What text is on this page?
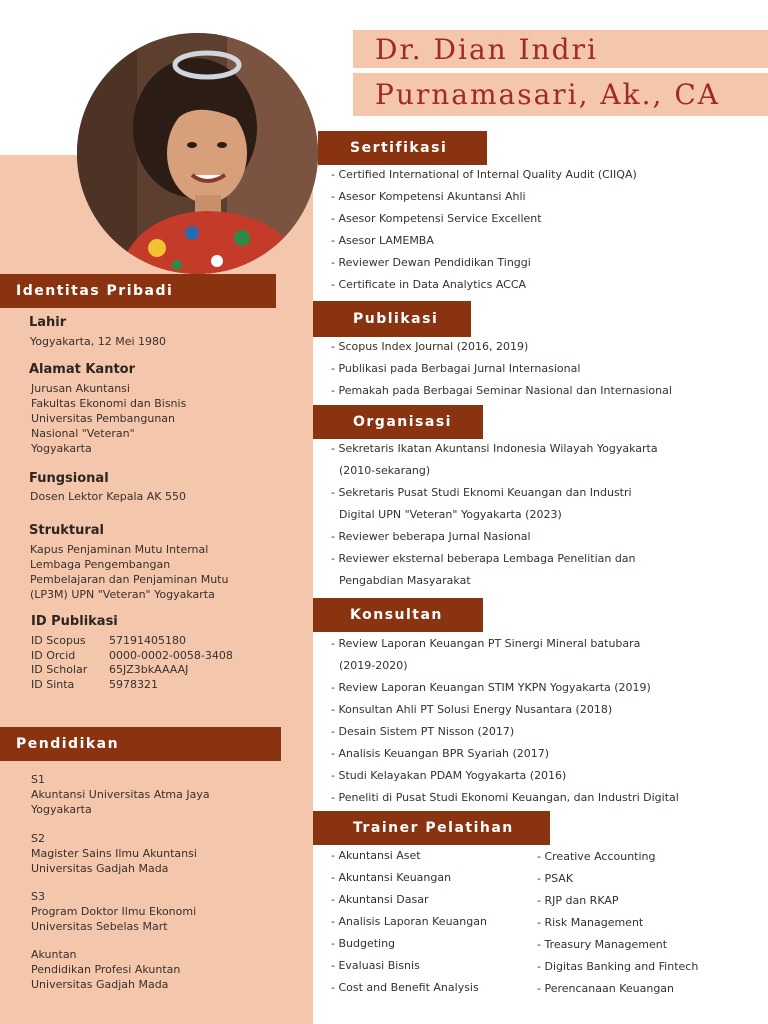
Dr. Dian Indri
Purnamasari, Ak., CA
Identitas Pribadi
Lahir
Yogyakarta, 12 Mei 1980
Alamat Kantor
Jurusan Akuntansi
Fakultas Ekonomi dan Bisnis
Universitas Pembangunan
Nasional "Veteran"
Yogyakarta
Fungsional
Dosen Lektor Kepala AK 550
Struktural
Kapus Penjaminan Mutu Internal
Lembaga Pengembangan
Pembelajaran dan Penjaminan Mutu
(LP3M) UPN "Veteran" Yogyakarta
ID Publikasi
ID Scopus 57191405180
ID Orcid	0000-0002-0058-3408
ID Scholar 65JZ3bkAAAAJ
ID Sinta	5978321
Pendidikan
S1
Akuntansi Universitas Atma Jaya
Yogyakarta
S2
Magister Sains Ilmu Akuntansi
Universitas Gadjah Mada
S3
Program Doktor Ilmu Ekonomi
Universitas Sebelas Mart
Akuntan
Pendidikan Profesi Akuntan
Universitas Gadjah Mada
Sertifikasi
- Certified International of Internal Quality Audit (CIIQA)
- Asesor Kompetensi Akuntansi Ahli
- Asesor Kompetensi Service Excellent
- Asesor LAMEMBA
- Reviewer Dewan Pendidikan Tinggi
- Certificate in Data Analytics ACCA
Publikasi
- Scopus Index Journal (2016, 2019)
- Publikasi pada Berbagai Jurnal Internasional
- Pemakah pada Berbagai Seminar Nasional dan Internasional
Organisasi
- Sekretaris Ikatan Akuntansi Indonesia Wilayah Yogyakarta
(2010-sekarang)
- Sekretaris Pusat Studi Eknomi Keuangan dan Industri
Digital UPN "Veteran" Yogyakarta (2023)
- Reviewer beberapa Jurnal Nasional
- Reviewer eksternal beberapa Lembaga Penelitian dan
Pengabdian Masyarakat
Konsultan
- Review Laporan Keuangan PT Sinergi Mineral batubara
(2019-2020)
- Review Laporan Keuangan STIM YKPN Yogyakarta (2019)
- Konsultan Ahli PT Solusi Energy Nusantara (2018)
- Desain Sistem PT Nisson (2017)
- Analisis Keuangan BPR Syariah (2017)
- Studi Kelayakan PDAM Yogyakarta (2016)
- Peneliti di Pusat Studi Ekonomi Keuangan, dan Industri Digital
Trainer Pelatihan
- Akuntansi Aset
- Akuntansi Keuangan
- Akuntansi Dasar
- Analisis Laporan Keuangan
- Budgeting
- Evaluasi Bisnis
- Cost and Benefit Analysis
- Creative Accounting
- PSAK
- RJP dan RKAP
- Risk Management
- Treasury Management
- Digitas Banking and Fintech
- Perencanaan Keuangan
